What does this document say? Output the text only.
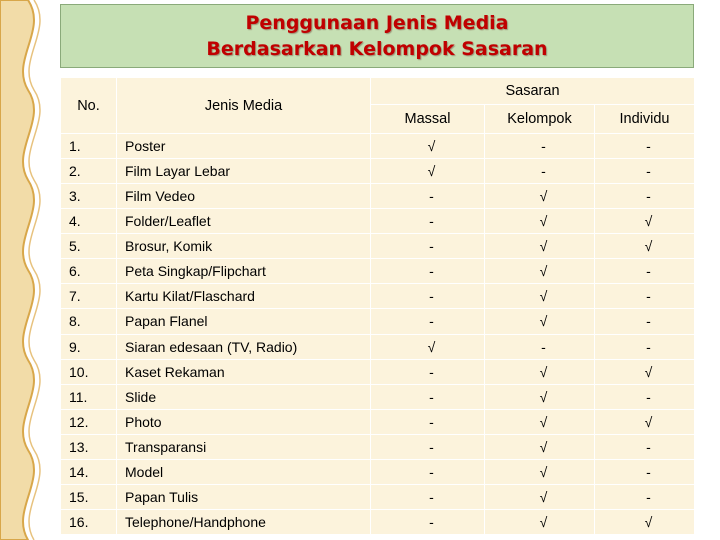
Penggunaan Jenis Media
Berdasarkan Kelompok Sasaran
No.	Jenis Media	Sasaran		
		Massal	Kelompok	Individu
1.	Poster	√	-	-
2.	Film Layar Lebar	√	-	-
3.	Film Vedeo	-	√	-
4.	Folder/Leaflet	-	√	√
5.	Brosur, Komik	-	√	√
6.	Peta Singkap/Flipchart	-	√	-
7.	Kartu Kilat/Flaschard	-	√	-
8.	Papan Flanel	-	√	-
9.	Siaran edesaan (TV, Radio)	√	-	-
10.	Kaset Rekaman	-	√	√
11.	Slide	-	√	-
12.	Photo	-	√	√
13.	Transparansi	-	√	-
14.	Model	-	√	-
15.	Papan Tulis	-	√	-
16.	Telephone/Handphone	-	√	√
